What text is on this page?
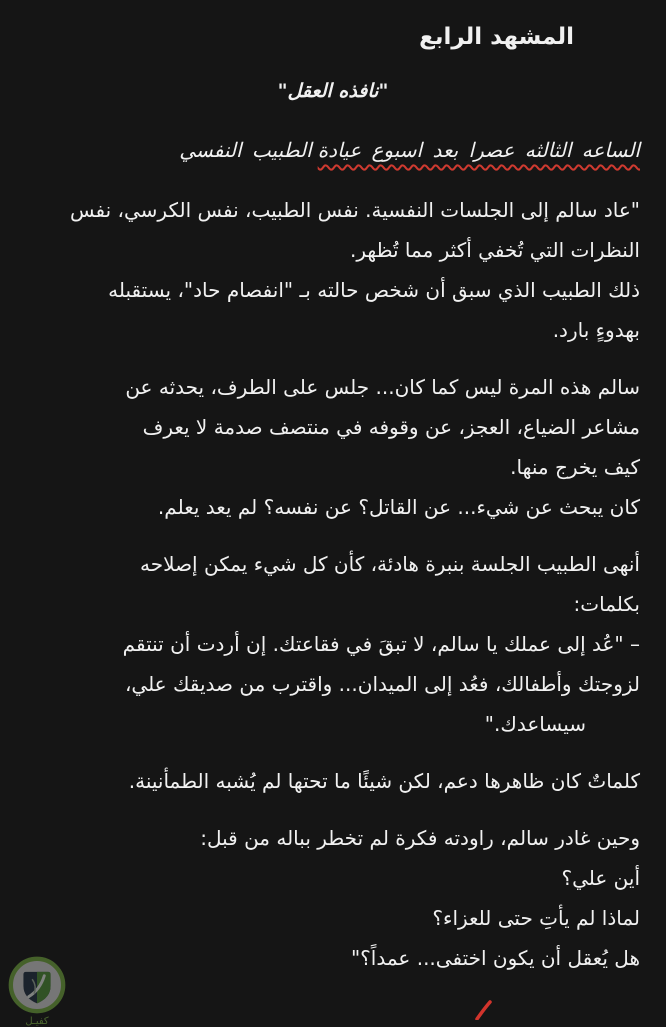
المشهد الرابع
"نافذه العقل"
الساعه الثالثه عصرا بعد اسبوع عيادةالطبيب النفسي
"عاد سالم إلى الجلسات النفسية. نفس الطبيب، نفس الكرسي، نفس
النظرات التي تُخفي أكثر مما تُظهر.
ذلك الطبيب الذي سبق أن شخص حالته بـ "انفصام حاد"، يستقبله
بهدوءٍ بارد.
سالم هذه المرة ليس كما كان... جلس على الطرف، يحدثه عن
مشاعر الضياع، العجز، عن وقوفه في منتصف صدمة لا يعرف
كيف يخرج منها.
كان يبحث عن شيء... عن القاتل؟ عن نفسه؟ لم يعد يعلم.
أنهى الطبيب الجلسة بنبرة هادئة، كأن كل شيء يمكن إصلاحه
بكلمات:
– "عُد إلى عملك يا سالم، لا تبقَ في فقاعتك. إن أردت أن تنتقم
لزوجتك وأطفالك، فعُد إلى الميدان... واقترب من صديقك علي،
سيساعدك."
كلماتٌ كان ظاهرها دعم، لكن شيئًا ما تحتها لم يُشبه الطمأنينة.
وحين غادر سالم، راودته فكرة لم تخطر بباله من قبل:
أين علي؟
لماذا لم يأتِ حتى للعزاء؟
هل يُعقل أن يكون اختفى... عمداً؟"
كفيـل
